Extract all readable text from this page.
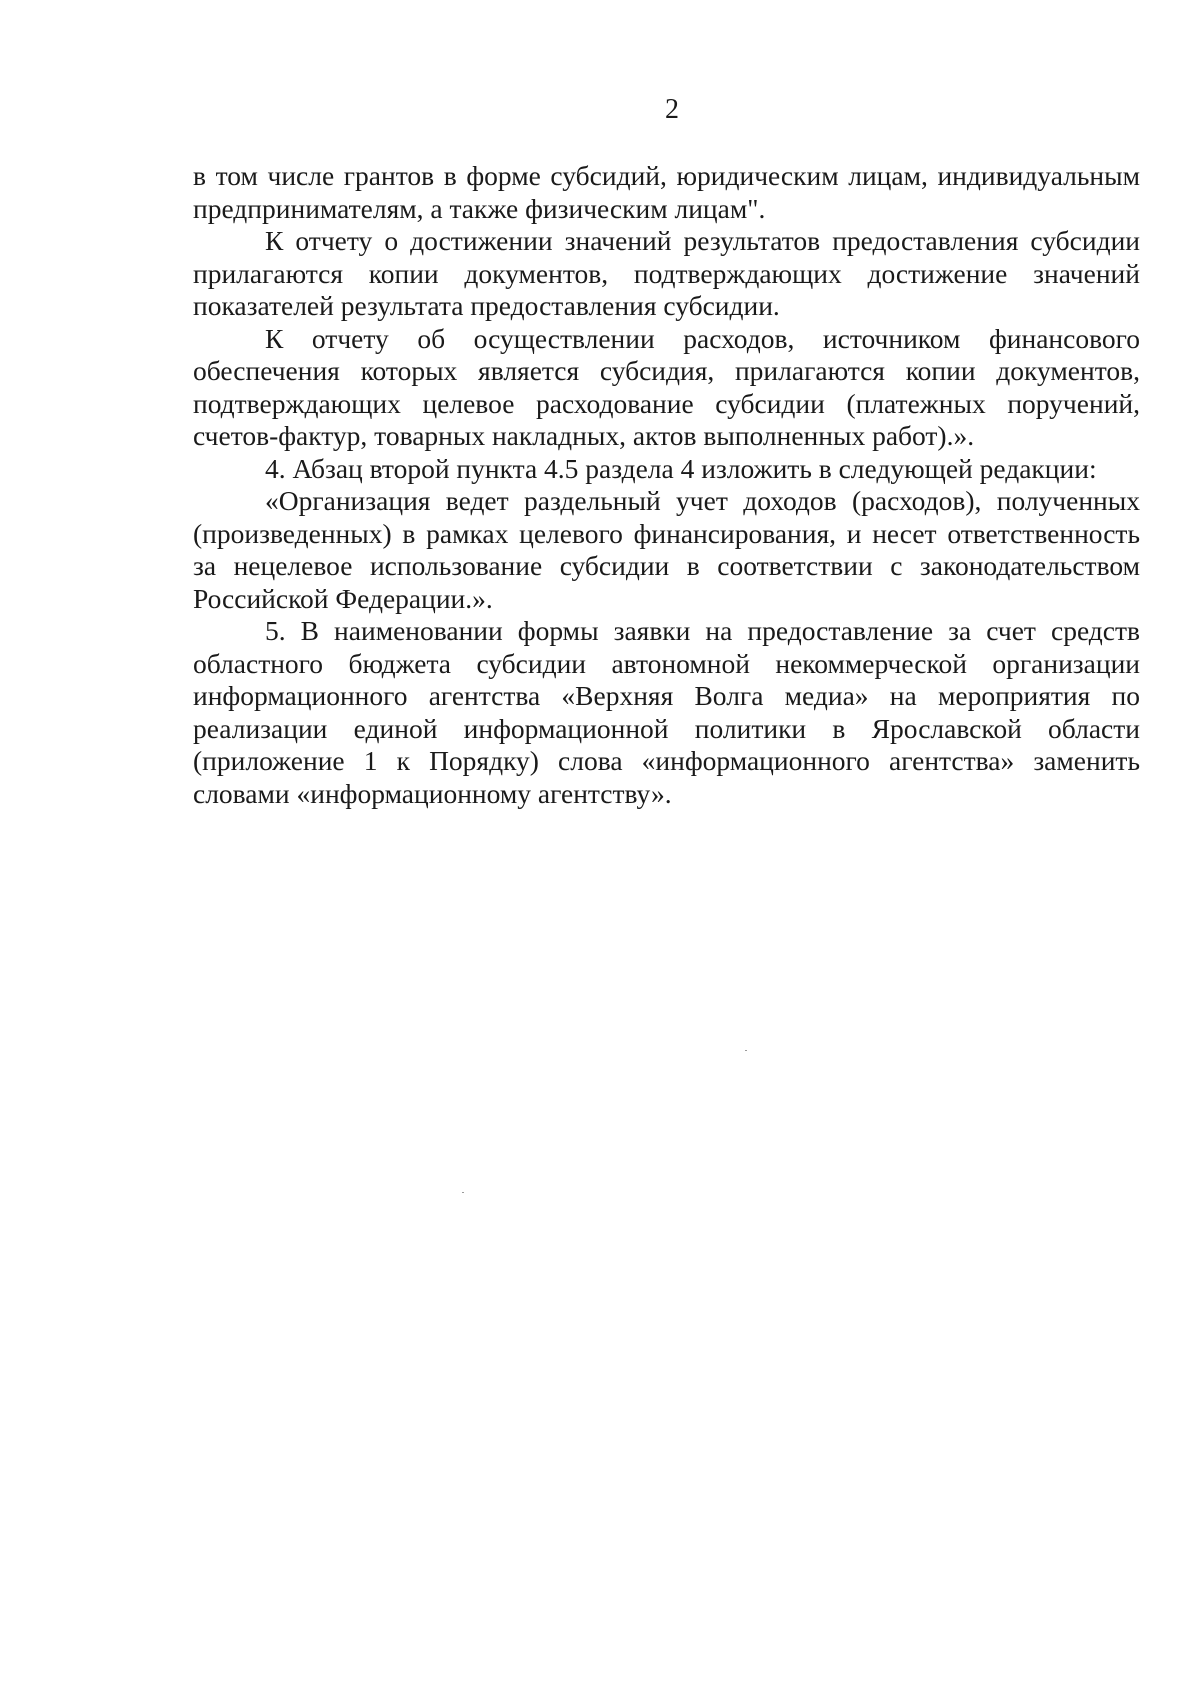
2

в том числе грантов в форме субсидий, юридическим лицам, индивидуальным предпринимателям, а также физическим лицам".

К отчету о достижении значений результатов предоставления субсидии прилагаются копии документов, подтверждающих достижение значений показателей результата предоставления субсидии.

К отчету об осуществлении расходов, источником финансового обеспечения которых является субсидия, прилагаются копии документов, подтверждающих целевое расходование субсидии (платежных поручений, счетов-фактур, товарных накладных, актов выполненных работ).».

4. Абзац второй пункта 4.5 раздела 4 изложить в следующей редакции:

«Организация ведет раздельный учет доходов (расходов), полученных (произведенных) в рамках целевого финансирования, и несет ответственность за нецелевое использование субсидии в соответствии с законодательством Российской Федерации.».

5. В наименовании формы заявки на предоставление за счет средств областного бюджета субсидии автономной некоммерческой организации информационного агентства «Верхняя Волга медиа» на мероприятия по реализации единой информационной политики в Ярославской области (приложение 1 к Порядку) слова «информационного агентства» заменить словами «информационному агентству».
